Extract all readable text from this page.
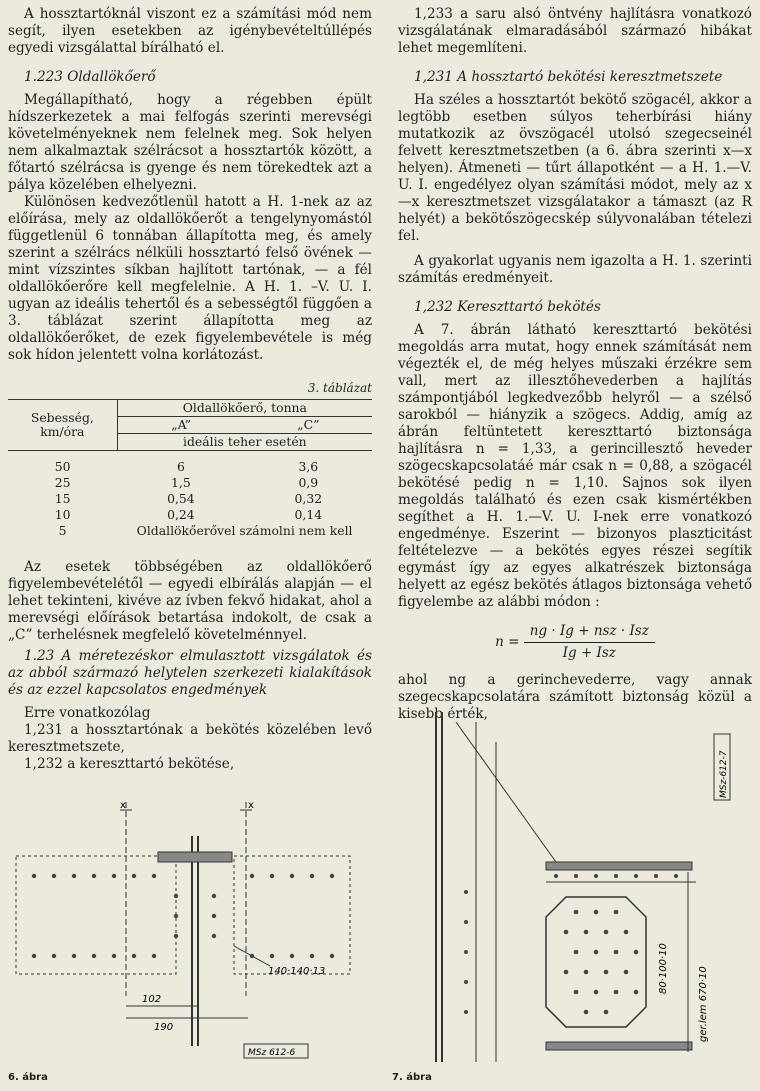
A hossztartóknál viszont ez a számítási mód nem segít, ilyen esetekben az igénybevételtúllépés egyedi vizsgálattal bírálható el.

1.223 Oldallökőerő

Megállapítható, hogy a régebben épült hídszerkezetek a mai felfogás szerinti merevségi követelményeknek nem felelnek meg. Sok helyen nem alkalmaztak szélrácsot a hossztartók között, a főtartó szélrácsa is gyenge és nem törekedtek azt a pálya közelében elhelyezni.

Különösen kedvezőtlenül hatott a H. 1-nek az az előírása, mely az oldallökőerőt a tengelynyomástól függetlenül 6 tonnában állapította meg, és amely szerint a szélrács nélküli hossztartó felső övének — mint vízszintes síkban hajlított tartónak, — a fél oldallökőerőre kell megfelelnie. A H. 1. –V. U. I. ugyan az ideális tehertől és a sebességtől függően a 3. táblázat szerint állapította meg az oldallökőerőket, de ezek figyelembevétele is még sok hídon jelentett volna korlátozást.

3. táblázat
Sebesség,
km/óra	Oldallökőerő, tonna	
	„A”	„C”
	ideális teher esetén	

50	6	3,6
25	1,5	0,9
15	0,54	0,32
10	0,24	0,14
5	Oldallökőerővel számolni nem kell	

Az esetek többségében az oldallökőerő figyelembevételétől — egyedi elbírálás alapján — el lehet tekinteni, kivéve az ívben fekvő hidakat, ahol a merevségi előírások betartása indokolt, de csak a „C” terhelésnek megfelelő követelménnyel.

1.23 A méretezéskor elmulasztott vizsgálatok és az abból származó helytelen szerkezeti kialakítások és az ezzel kapcsolatos engedmények

Erre vonatkozólag

1,231 a hossztartónak a bekötés közelében levő keresztmetszete,

1,232 a kereszttartó bekötése,

1,233 a saru alsó öntvény hajlításra vonatkozó vizsgálatának elmaradásából származó hibákat lehet megemlíteni.

1,231 A hossztartó bekötési keresztmetszete

Ha széles a hossztartót bekötő szögacél, akkor a legtöbb esetben súlyos teherbírási hiány mutatkozik az övszögacél utolsó szegecseinél felvett keresztmetszetben (a 6. ábra szerinti x—x helyen). Átmeneti — tűrt állapotként — a H. 1.—V. U. I. engedélyez olyan számítási módot, mely az x—x keresztmetszet vizsgálatakor a támaszt (az R helyét) a bekötőszögecskép súlyvonalában tételezi fel.

A gyakorlat ugyanis nem igazolta a H. 1. szerinti számítás eredményeit.

1,232 Kereszttartó bekötés

A 7. ábrán látható kereszttartó bekötési megoldás arra mutat, hogy ennek számítását nem végezték el, de még helyes műszaki érzékre sem vall, mert az illesztőhevederben a hajlítás számpontjából legkedvezőbb helyről — a szélső sarokból — hiányzik a szögecs. Addig, amíg az ábrán feltüntetett kereszttartó biztonsága hajlításra n = 1,33, a gerincillesztő heveder szögecskapcsolatáé már csak n = 0,88, a szögacél bekötésé pedig n = 1,10. Sajnos sok ilyen megoldás található és ezen csak kismértékben segíthet a H. 1.—V. U. I-nek erre vonatkozó engedménye. Eszerint — bizonyos plaszticitást feltételezve — a bekötés egyes részei segítik egymást így az egyes alkatrészek biztonsága helyett az egész bekötés átlagos biztonsága vehető figyelembe az alábbi módon :

$n = \frac{\text{ng · Ig + nsz · Isz}}{\text{Ig + Isz}}$

ahol ng a gerinchevederre, vagy annak szegecskapcsolatára számított biztonság közül a kisebb érték,

x	x
140·140·13
102
190
MSz 612-6
6. ábra
MSz-612-7
80·100·10	ger.lem 670·10
7. ábra
